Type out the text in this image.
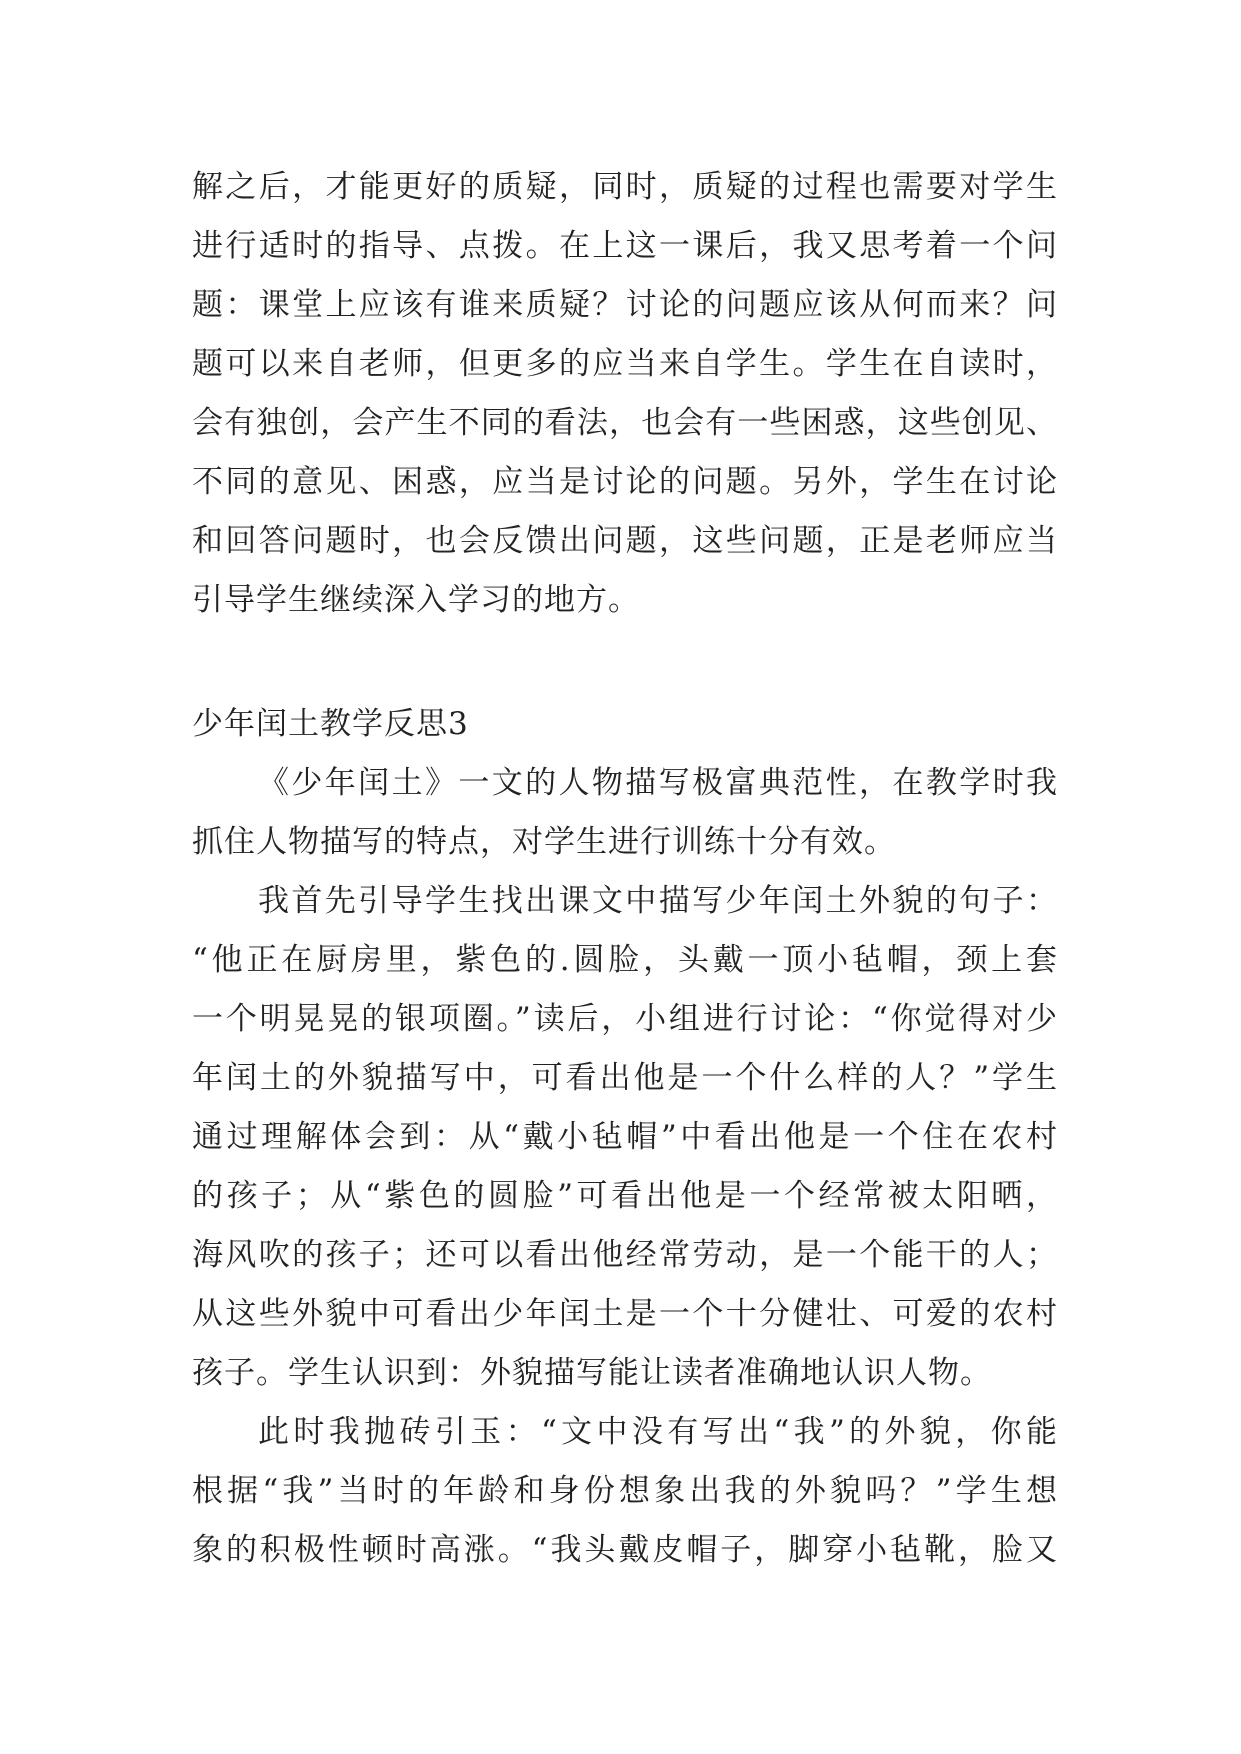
解之后，才能更好的质疑，同时，质疑的过程也需要对学生
进行适时的指导、点拨。在上这一课后，我又思考着一个问
题：课堂上应该有谁来质疑？讨论的问题应该从何而来？问
题可以来自老师，但更多的应当来自学生。学生在自读时，
会有独创，会产生不同的看法，也会有一些困惑，这些创见、
不同的意见、困惑，应当是讨论的问题。另外，学生在讨论
和回答问题时，也会反馈出问题，这些问题，正是老师应当
引导学生继续深入学习的地方。
少年闰土教学反思3
《少年闰土》一文的人物描写极富典范性，在教学时我
抓住人物描写的特点，对学生进行训练十分有效。
我首先引导学生找出课文中描写少年闰土外貌的句子：
“他正在厨房里，紫色的.圆脸，头戴一顶小毡帽，颈上套
一个明晃晃的银项圈。”读后，小组进行讨论：“你觉得对少
年闰土的外貌描写中，可看出他是一个什么样的人？”学生
通过理解体会到：从“戴小毡帽”中看出他是一个住在农村
的孩子；从“紫色的圆脸”可看出他是一个经常被太阳晒，
海风吹的孩子；还可以看出他经常劳动，是一个能干的人；
从这些外貌中可看出少年闰土是一个十分健壮、可爱的农村
孩子。学生认识到：外貌描写能让读者准确地认识人物。
此时我抛砖引玉：“文中没有写出“我”的外貌，你能
根据“我”当时的年龄和身份想象出我的外貌吗？”学生想
象的积极性顿时高涨。“我头戴皮帽子，脚穿小毡靴，脸又
